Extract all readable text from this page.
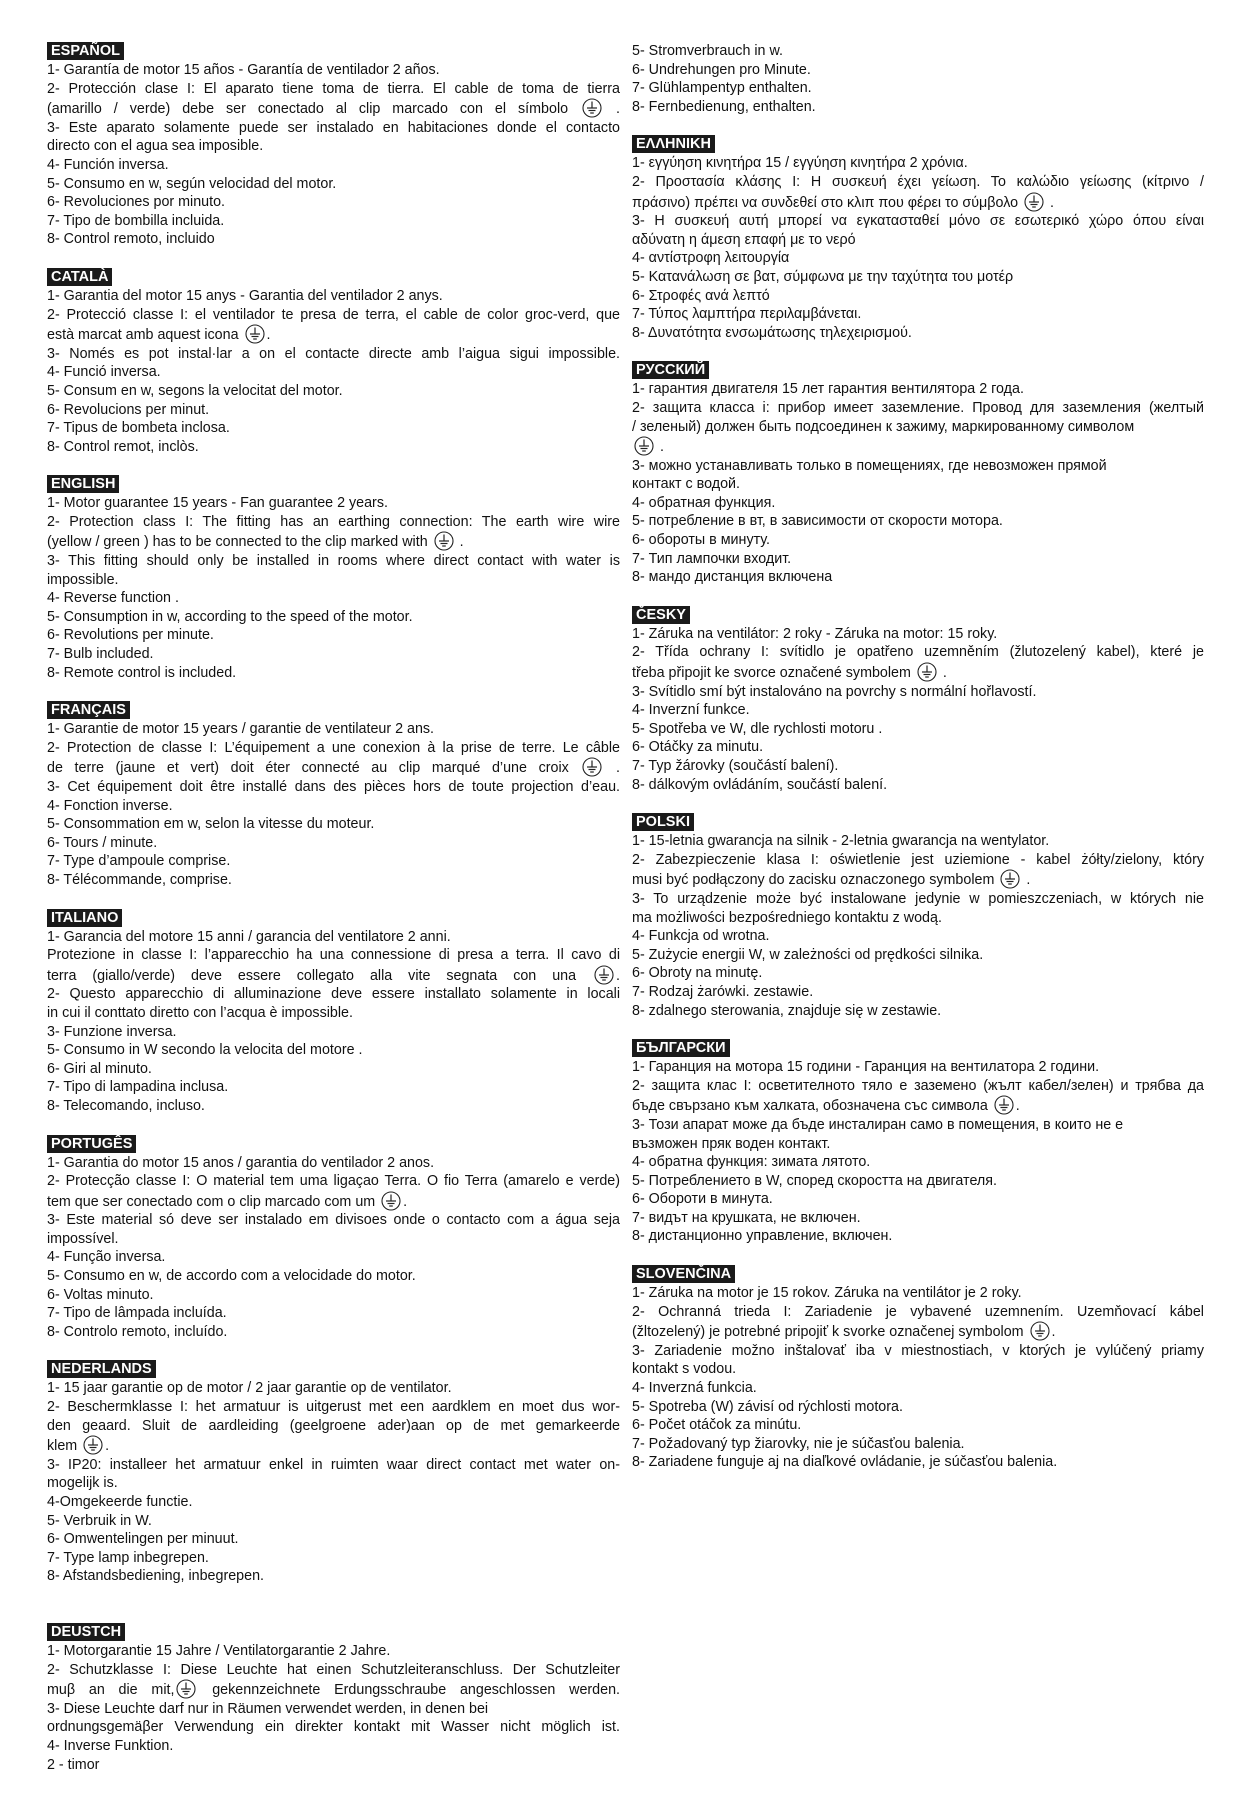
ESPAÑOL
1- Garantía de motor 15 años - Garantía de ventilador 2 años.
2- Protección clase I: El aparato tiene toma de tierra. El cable de toma de tierra
(amarillo / verde) debe ser conectado al clip marcado con el símbolo
.
3- Este aparato solamente puede ser instalado en habitaciones donde el contacto
directo con el agua sea imposible.
4- Función inversa.
5- Consumo en w, según velocidad del motor.
6- Revoluciones por minuto.
7- Tipo de bombilla incluida.
8- Control remoto, incluido
CATALÀ
1- Garantia del motor 15 anys - Garantia del ventilador 2 anys.
2- Protecció classe I: el ventilador te presa de terra, el cable de color groc-verd, que
està marcat amb aquest icona
.
3- Només es pot instal·lar a on el contacte directe amb l’aigua sigui impossible.
4- Funció inversa.
5- Consum en w, segons la velocitat del motor.
6- Revolucions per minut.
7- Tipus de bombeta inclosa.
8- Control remot, inclòs.
ENGLISH
1- Motor guarantee 15 years - Fan guarantee 2 years.
2- Protection class I: The fitting has an earthing connection: The earth wire wire
(yellow / green ) has to be connected to the clip marked with
.
3- This fitting should only be installed in rooms where direct contact with water is
impossible.
4- Reverse function .
5- Consumption in w, according to the speed of the motor.
6- Revolutions per minute.
7- Bulb included.
8- Remote control is included.
FRANÇAIS
1- Garantie de motor 15 years / garantie de ventilateur 2 ans.
2- Protection de classe I: L’équipement a une conexion à la prise de terre. Le câble
de terre (jaune et vert) doit éter connecté au clip marqué d’une croix
.
3- Cet équipement doit être installé dans des pièces hors de toute projection d’eau.
4- Fonction inverse.
5- Consommation em w, selon la vitesse du moteur.
6- Tours / minute.
7- Type d’ampoule comprise.
8- Télécommande, comprise.
ITALIANO
1- Garancia del motore 15 anni / garancia del ventilatore 2 anni.
Protezione in classe I: l’apparecchio ha una connessione di presa a terra. Il cavo di
terra (giallo/verde) deve essere collegato alla vite segnata con una
.
2- Questo apparecchio di alluminazione deve essere installato solamente in locali
in cui il conttato diretto con l’acqua è impossible.
3- Funzione inversa.
5- Consumo in W secondo la velocita del motore .
6- Giri al minuto.
7- Tipo di lampadina inclusa.
8- Telecomando, incluso.
PORTUGÊS
1- Garantia do motor 15 anos / garantia do ventilador 2 anos.
2- Protecção classe I: O material tem uma ligaçao Terra. O fio Terra (amarelo e verde)
tem que ser conectado com o clip marcado com um
.
3- Este material só deve ser instalado em divisoes onde o contacto com a água seja
impossível.
4- Função inversa.
5- Consumo en w, de accordo com a velocidade do motor.
6- Voltas minuto.
7- Tipo de lâmpada incluída.
8- Controlo remoto, incluído.
NEDERLANDS
1- 15 jaar garantie op de motor / 2 jaar garantie op de ventilator.
2- Beschermklasse I: het armatuur is uitgerust met een aardklem en moet dus wor-
den geaard. Sluit de aardleiding (geelgroene ader)aan op de met gemarkeerde
klem
.
3- IP20: installeer het armatuur enkel in ruimten waar direct contact met water on-
mogelijk is.
4-Omgekeerde functie.
5- Verbruik in W.
6- Omwentelingen per minuut.
7- Type lamp inbegrepen.
8- Afstandsbediening, inbegrepen.
DEUSTCH
1- Motorgarantie 15 Jahre / Ventilatorgarantie 2 Jahre.
2- Schutzklasse I: Diese Leuchte hat einen Schutzleiteranschluss. Der Schutzleiter
muβ an die mit,
gekennzeichnete Erdungsschraube angeschlossen werden.
3- Diese Leuchte darf nur in Räumen verwendet werden, in denen bei
ordnungsgemäβer Verwendung ein direkter kontakt mit Wasser nicht möglich ist.
4- Inverse Funktion.
2 - timor
5- Stromverbrauch in w.
6- Undrehungen pro Minute.
7- Glühlampentyp enthalten.
8- Fernbedienung, enthalten.
ΕΛΛΗΝΙΚΗ
1- εγγύηση κινητήρα 15 / εγγύηση κινητήρα 2 χρόνια.
2- Προστασία κλάσης I: Η συσκευή έχει γείωση. Το καλώδιο γείωσης (κίτρινο /
πράσινο) πρέπει να συνδεθεί στο κλιπ που φέρει το σύμβολο
.
3- Η συσκευή αυτή μπορεί να εγκατασταθεί μόνο σε εσωτερικό χώρο όπου είναι
αδύνατη η άμεση επαφή με το νερό
4- αντίστροφη λειτουργία
5- Κατανάλωση σε βατ, σύμφωνα με την ταχύτητα του μοτέρ
6- Στροφές ανά λεπτό
7- Τύπος λαμπτήρα περιλαμβάνεται.
8- Δυνατότητα ενσωμάτωσης τηλεχειρισμού.
РУССКИЙ
1- гарантия двигателя 15 лет гарантия вентилятора 2 года.
2- защита класса i: прибор имеет заземление. Провод для заземления (желтый
/ зеленый) должен быть подсоединен к зажиму, маркированному символом
.
3- можно устанавливать только в помещениях, где невозможен прямой
контакт с водой.
4- обратная функция.
5- потребление в вт, в зависимости от скорости мотора.
6- обороты в минуту.
7- Тип лампочки входит.
8- мандо дистанция включена
ČESKY
1- Záruka na ventilátor: 2 roky - Záruka na motor: 15 roky.
2- Třída ochrany I: svítidlo je opatřeno uzemněním (žlutozelený kabel), které je
třeba připojit ke svorce označené symbolem
.
3- Svítidlo smí být instalováno na povrchy s normální hořlavostí.
4- Inverzní funkce.
5- Spotřeba ve W, dle rychlosti motoru .
6- Otáčky za minutu.
7- Typ žárovky (součástí balení).
8- dálkovým ovládáním, součástí balení.
POLSKI
1- 15-letnia gwarancja na silnik - 2-letnia gwarancja na wentylator.
2- Zabezpieczenie klasa I: oświetlenie jest uziemione - kabel żółty/zielony, który
musi być podłączony do zacisku oznaczonego symbolem
.
3- To urządzenie może być instalowane jedynie w pomieszczeniach, w których nie
ma możliwości bezpośredniego kontaktu z wodą.
4- Funkcja od wrotna.
5- Zużycie energii W, w zależności od prędkości silnika.
6- Obroty na minutę.
7- Rodzaj żarówki. zestawie.
8- zdalnego sterowania, znajduje się w zestawie.
БЪЛГАРСКИ
1- Гаранция на мотора 15 години - Гаранция на вентилатора 2 години.
2- защита клас I: осветителното тяло е заземено (жълт кабел/зелен) и трябва да
бъде свързано към халката, обозначена със символа
.
3- Този апарат може да бъде инсталиран само в помещения, в които не е
възможен пряк воден контакт.
4- обратна функция: зимата лятото.
5- Потреблението в W, според скоростта на двигателя.
6- Обороти в минута.
7- видът на крушката, не включен.
8- дистанционно управление, включен.
SLOVENČINA
1- Záruka na motor je 15 rokov. Záruka na ventilátor je 2 roky.
2- Ochranná trieda I: Zariadenie je vybavené uzemnením. Uzemňovací kábel
(žltozelený) je potrebné pripojiť k svorke označenej symbolom
.
3- Zariadenie možno inštalovať iba v miestnostiach, v ktorých je vylúčený priamy
kontakt s vodou.
4- Inverzná funkcia.
5- Spotreba (W) závisí od rýchlosti motora.
6- Počet otáčok za minútu.
7- Požadovaný typ žiarovky, nie je súčasťou balenia.
8- Zariadene funguje aj na diaľkové ovládanie, je súčasťou balenia.
